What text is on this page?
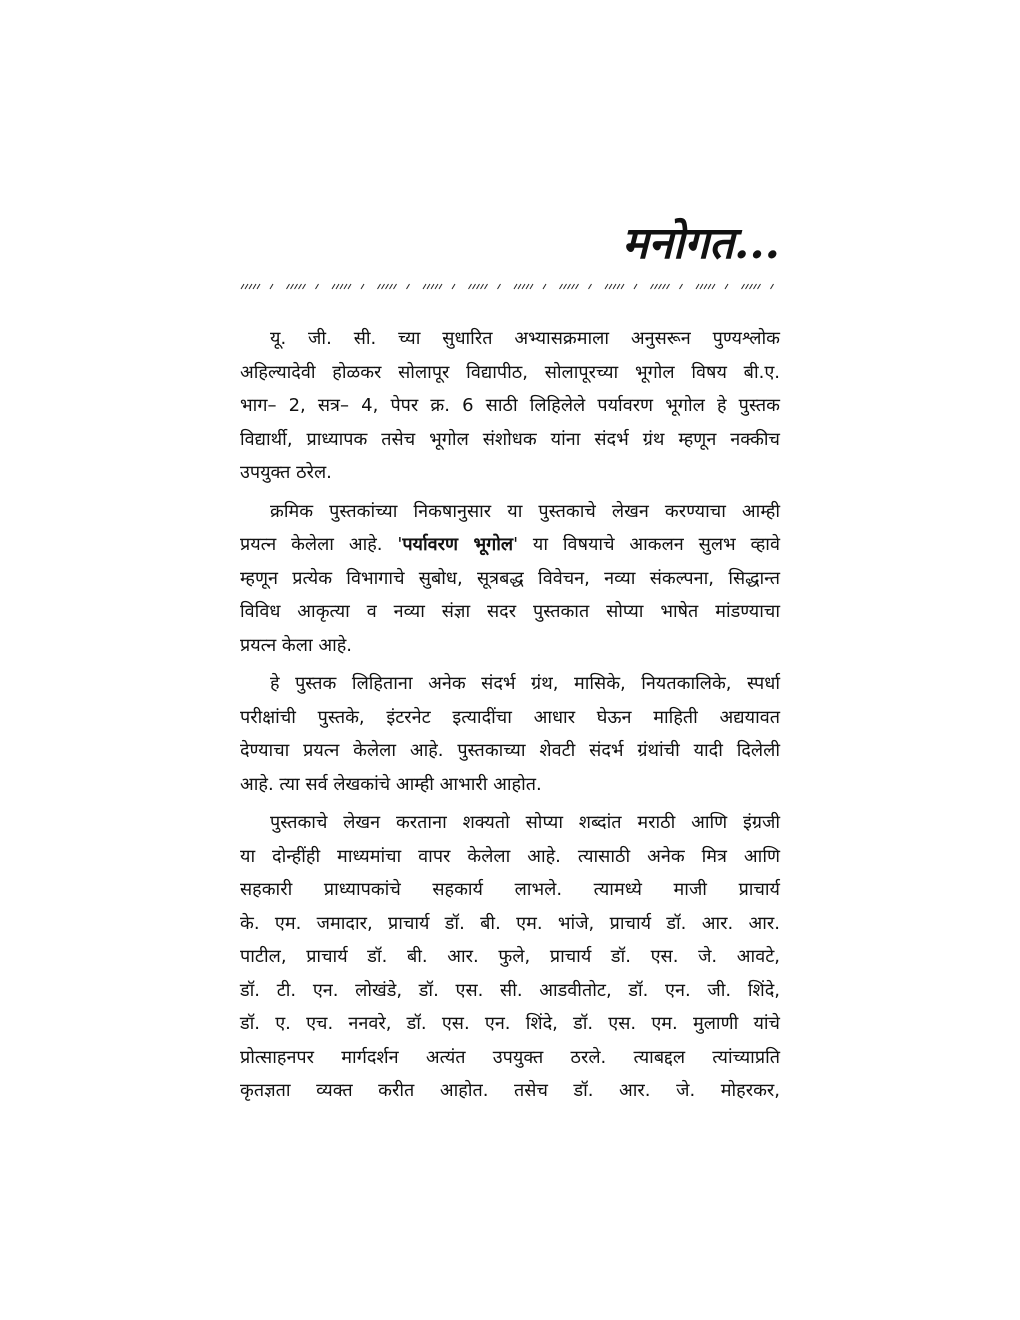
मनोगत...

यू. जी. सी. च्या सुधारित अभ्यासक्रमाला अनुसरून पुण्यश्लोक
अहिल्यादेवी होळकर सोलापूर विद्यापीठ, सोलापूरच्या भूगोल विषय बी.ए.
भाग– 2, सत्र– 4, पेपर क्र. 6 साठी लिहिलेले पर्यावरण भूगोल हे पुस्तक
विद्यार्थी, प्राध्यापक तसेच भूगोल संशोधक यांना संदर्भ ग्रंथ म्हणून नक्कीच
उपयुक्त ठरेल.

क्रमिक पुस्तकांच्या निकषानुसार या पुस्तकाचे लेखन करण्याचा आम्ही
प्रयत्न केलेला आहे. 'पर्यावरण भूगोल' या विषयाचे आकलन सुलभ व्हावे
म्हणून प्रत्येक विभागाचे सुबोध, सूत्रबद्ध विवेचन, नव्या संकल्पना, सिद्धान्त
विविध आकृत्या व नव्या संज्ञा सदर पुस्तकात सोप्या भाषेत मांडण्याचा
प्रयत्न केला आहे.

हे पुस्तक लिहिताना अनेक संदर्भ ग्रंथ, मासिके, नियतकालिके, स्पर्धा
परीक्षांची पुस्तके, इंटरनेट इत्यादींचा आधार घेऊन माहिती अद्ययावत
देण्याचा प्रयत्न केलेला आहे. पुस्तकाच्या शेवटी संदर्भ ग्रंथांची यादी दिलेली
आहे. त्या सर्व लेखकांचे आम्ही आभारी आहोत.

पुस्तकाचे लेखन करताना शक्यतो सोप्या शब्दांत मराठी आणि इंग्रजी
या दोन्हींही माध्यमांचा वापर केलेला आहे. त्यासाठी अनेक मित्र आणि
सहकारी प्राध्यापकांचे सहकार्य लाभले. त्यामध्ये माजी प्राचार्य
के. एम. जमादार, प्राचार्य डॉ. बी. एम. भांजे, प्राचार्य डॉ. आर. आर.
पाटील, प्राचार्य डॉ. बी. आर. फुले, प्राचार्य डॉ. एस. जे. आवटे,
डॉ. टी. एन. लोखंडे, डॉ. एस. सी. आडवीतोट, डॉ. एन. जी. शिंदे,
डॉ. ए. एच. ननवरे, डॉ. एस. एन. शिंदे, डॉ. एस. एम. मुलाणी यांचे
प्रोत्साहनपर मार्गदर्शन अत्यंत उपयुक्त ठरले. त्याबद्दल त्यांच्याप्रति
कृतज्ञता व्यक्त करीत आहोत. तसेच डॉ. आर. जे. मोहरकर,
